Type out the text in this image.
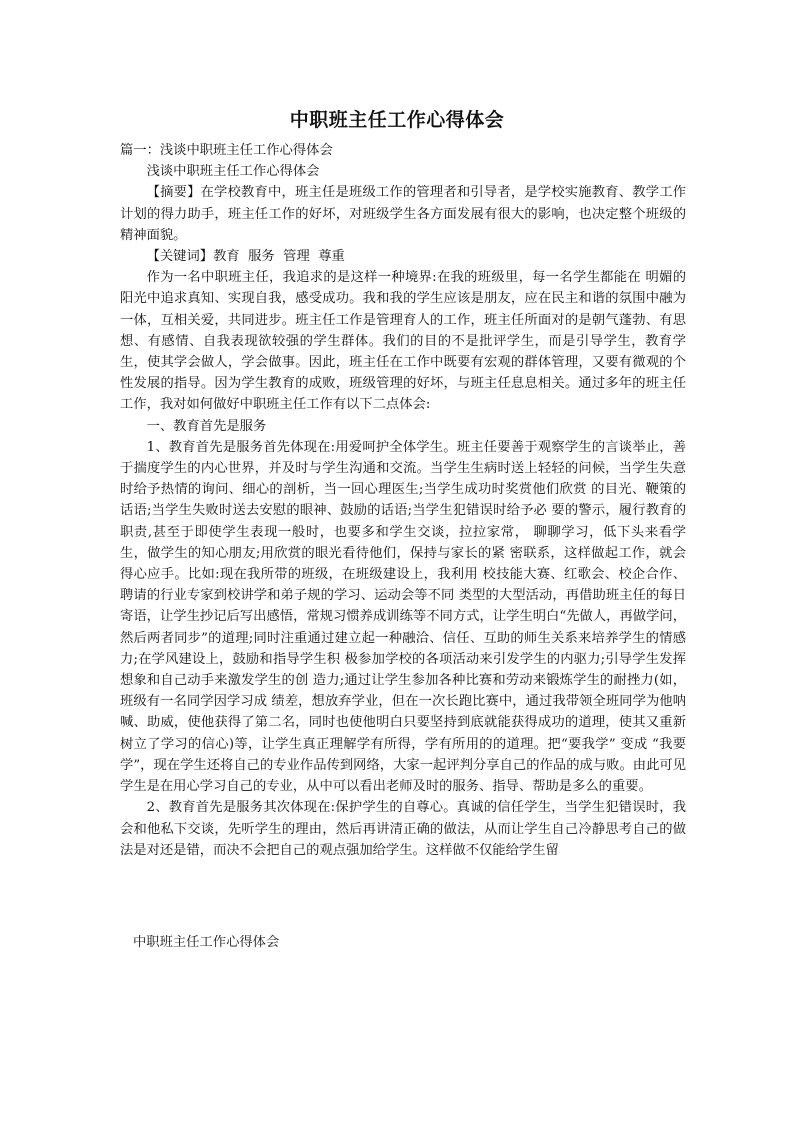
中职班主任工作心得体会

篇一：浅谈中职班主任工作心得体会

浅谈中职班主任工作心得体会

【摘要】在学校教育中，班主任是班级工作的管理者和引导者，是学校实施教育、教学工作计划的得力助手，班主任工作的好坏，对班级学生各方面发展有很大的影响，也决定整个班级的精神面貌。

【关键词】教育  服务  管理  尊重

作为一名中职班主任，我追求的是这样一种境界:在我的班级里，每一名学生都能在 明媚的阳光中追求真知、实现自我，感受成功。我和我的学生应该是朋友，应在民主和谐的氛围中融为一体，互相关爱，共同进步。班主任工作是管理育人的工作，班主任所面对的是朝气蓬勃、有思想、有感情、自我表现欲较强的学生群体。我们的目的不是批评学生，而是引导学生，教育学生，使其学会做人，学会做事。因此，班主任在工作中既要有宏观的群体管理，又要有微观的个性发展的指导。因为学生教育的成败，班级管理的好坏，与班主任息息相关。通过多年的班主任工作，我对如何做好中职班主任工作有以下二点体会:

一、教育首先是服务

1、教育首先是服务首先体现在:用爱呵护全体学生。班主任要善于观察学生的言谈举止，善于揣度学生的内心世界，并及时与学生沟通和交流。当学生生病时送上轻轻的问候，当学生失意时给予热情的询问、细心的剖析，当一回心理医生;当学生成功时奖赏他们欣赏 的目光、鞭策的话语;当学生失败时送去安慰的眼神、鼓励的话语;当学生犯错误时给予必 要的警示，履行教育的职责,甚至于即使学生表现一般时，也要多和学生交谈，拉拉家常， 聊聊学习，低下头来看学生，做学生的知心朋友;用欣赏的眼光看待他们，保持与家长的紧 密联系，这样做起工作，就会得心应手。比如:现在我所带的班级，在班级建设上，我利用 校技能大赛、红歌会、校企合作、聘请的行业专家到校讲学和弟子规的学习、运动会等不同 类型的大型活动，再借助班主任的每日寄语，让学生抄记后写出感悟，常规习惯养成训练等不同方式，让学生明白“先做人，再做学问，然后两者同步”的道理;同时注重通过建立起一种融洽、信任、互助的师生关系来培养学生的情感力;在学风建设上，鼓励和指导学生积 极参加学校的各项活动来引发学生的内驱力;引导学生发挥想象和自己动手来激发学生的创 造力;通过让学生参加各种比赛和劳动来锻炼学生的耐挫力(如，班级有一名同学因学习成 绩差，想放弃学业，但在一次长跑比赛中，通过我带领全班同学为他呐喊、助威，使他获得了第二名，同时也使他明白只要坚持到底就能获得成功的道理，使其又重新树立了学习的信心)等，让学生真正理解学有所得，学有所用的的道理。把“要我学” 变成 “我要学”，现在学生还将自己的专业作品传到网络，大家一起评判分享自己的作品的成与败。由此可见学生是在用心学习自己的专业，从中可以看出老师及时的服务、指导、帮助是多么的重要。

2、教育首先是服务其次体现在:保护学生的自尊心。真诚的信任学生，当学生犯错误时，我会和他私下交谈，先听学生的理由，然后再讲清正确的做法，从而让学生自己冷静思考自己的做法是对还是错，而决不会把自己的观点强加给学生。这样做不仅能给学生留

中职班主任工作心得体会
